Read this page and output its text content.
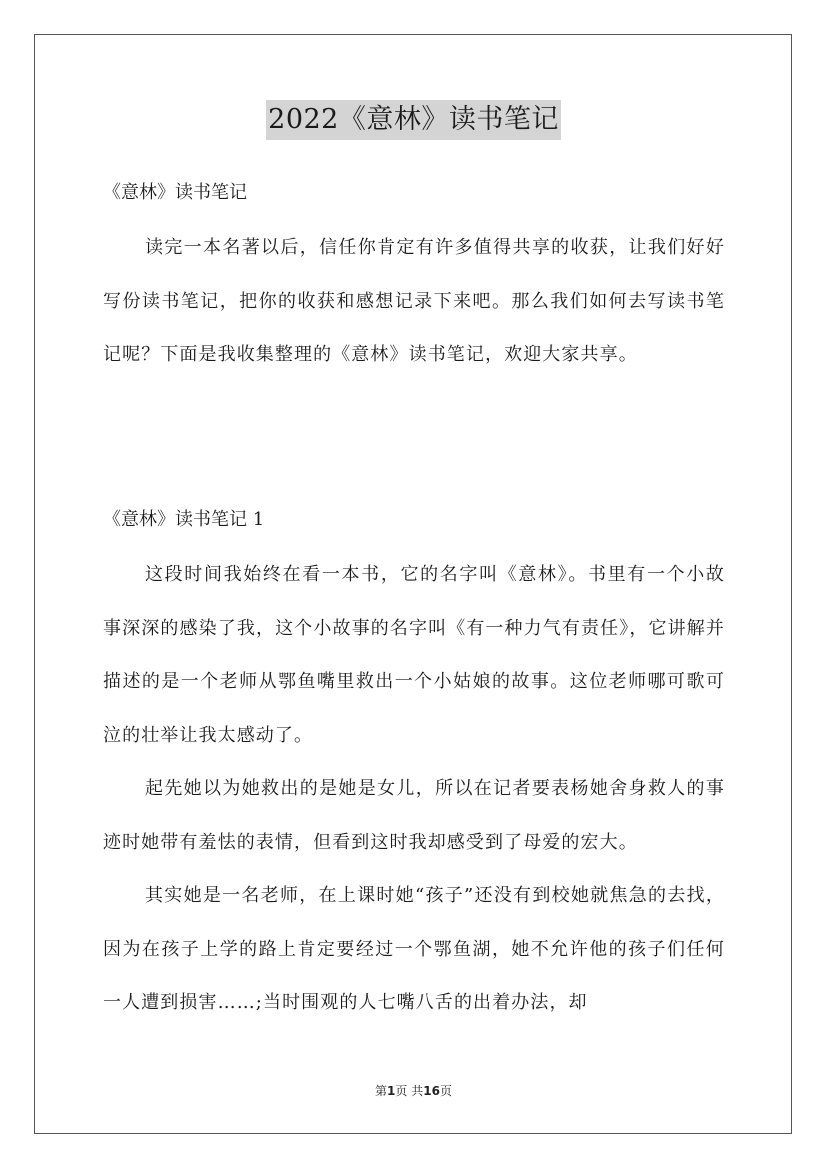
2022《意林》读书笔记
《意林》读书笔记

读完一本名著以后，信任你肯定有许多值得共享的收获，让我们好好写份读书笔记，把你的收获和感想记录下来吧。那么我们如何去写读书笔记呢？下面是我收集整理的《意林》读书笔记，欢迎大家共享。

《意林》读书笔记 1

这段时间我始终在看一本书，它的名字叫《意林》。书里有一个小故事深深的感染了我，这个小故事的名字叫《有一种力气有责任》，它讲解并描述的是一个老师从鄂鱼嘴里救出一个小姑娘的故事。这位老师哪可歌可泣的壮举让我太感动了。

起先她以为她救出的是她是女儿，所以在记者要表杨她舍身救人的事迹时她带有羞怯的表情，但看到这时我却感受到了母爱的宏大。

其实她是一名老师，在上课时她“孩子”还没有到校她就焦急的去找，因为在孩子上学的路上肯定要经过一个鄂鱼湖，她不允许他的孩子们任何一人遭到损害……;当时围观的人七嘴八舌的出着办法，却

第1页 共16页
